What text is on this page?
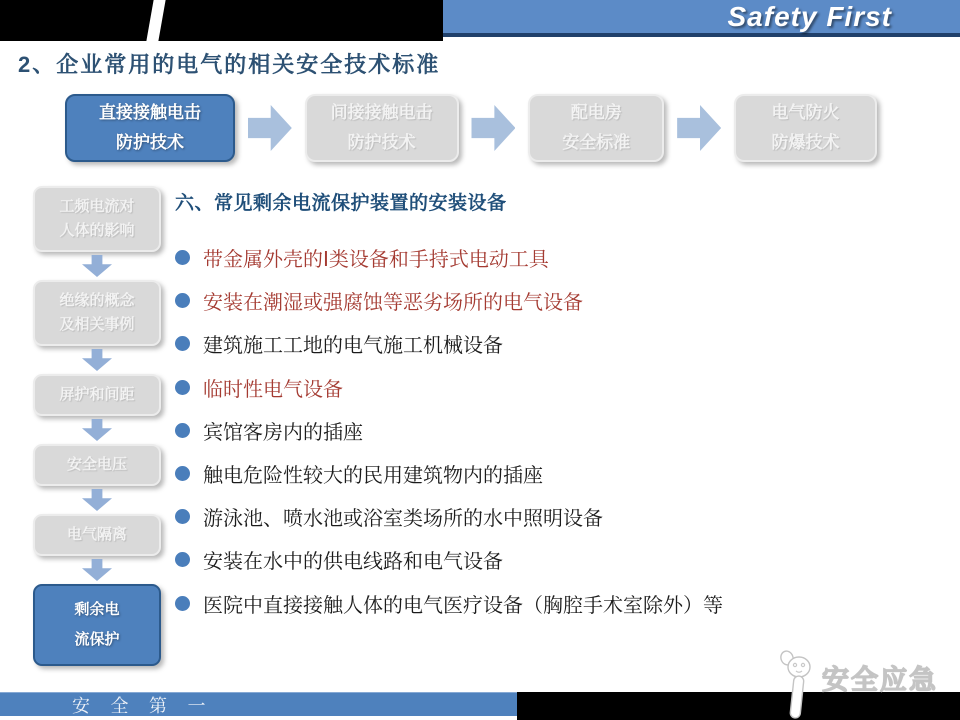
Safety First
2、企业常用的电气的相关安全技术标准
直接接触电击
防护技术
间接接触电击
防护技术
配电房
安全标准
电气防火
防爆技术
工频电流对
人体的影响
绝缘的概念
及相关事例
屏护和间距
安全电压
电气隔离
剩余电
流保护
六、常见剩余电流保护装置的安装设备
带金属外壳的Ⅰ类设备和手持式电动工具
安装在潮湿或强腐蚀等恶劣场所的电气设备
建筑施工工地的电气施工机械设备
临时性电气设备
宾馆客房内的插座
触电危险性较大的民用建筑物内的插座
游泳池、喷水池或浴室类场所的水中照明设备
安装在水中的供电线路和电气设备
医院中直接接触人体的电气医疗设备（胸腔手术室除外）等
安全应急
安 全 第 一
